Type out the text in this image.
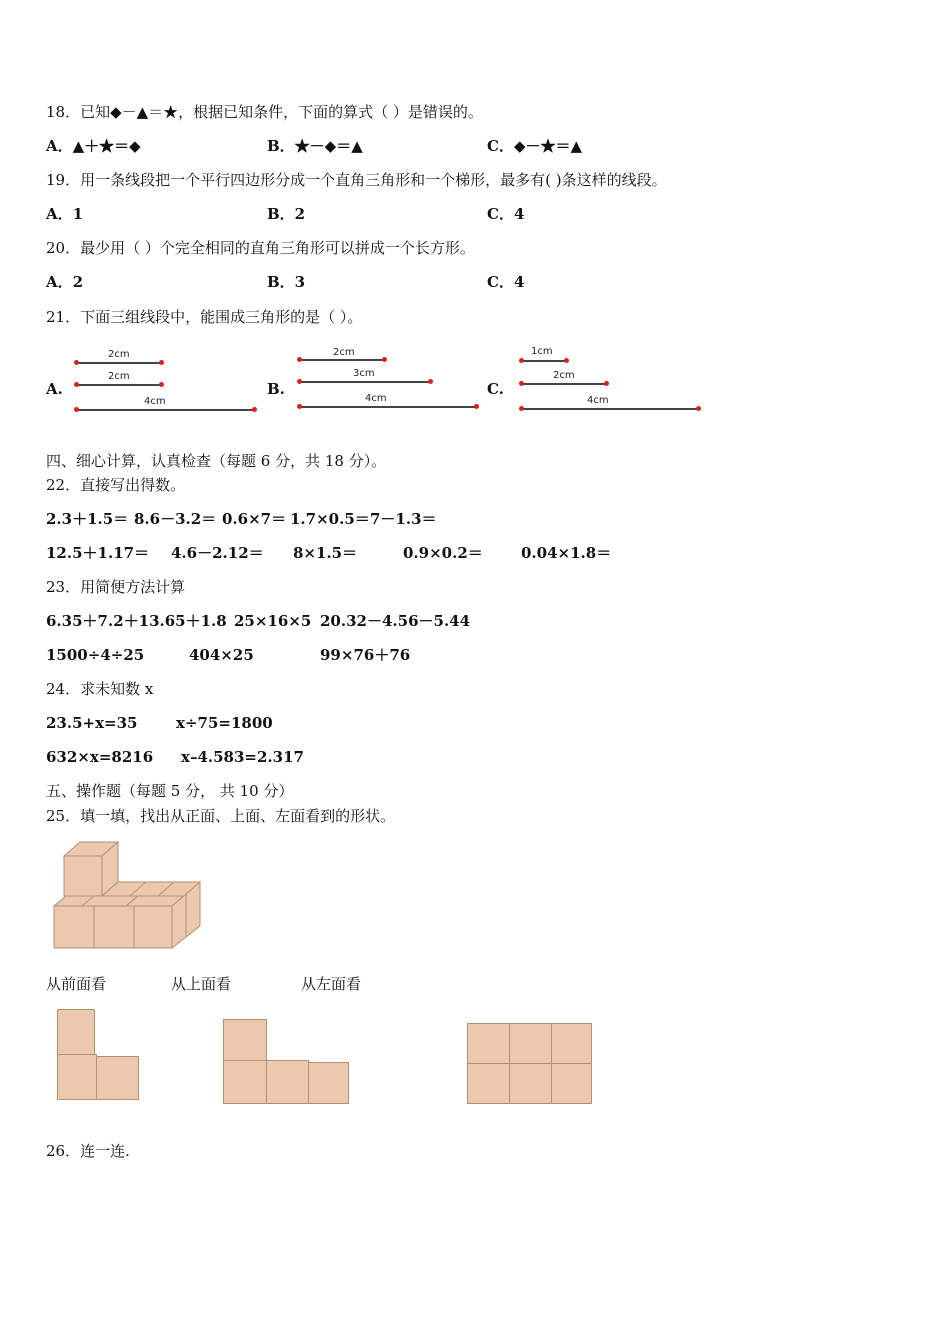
18．已知◆－▲＝★，根据已知条件，下面的算式（ ）是错误的。
A．▲＋★＝◆	B．★－◆＝▲	C．◆－★＝▲
19．用一条线段把一个平行四边形分成一个直角三角形和一个梯形，最多有( )条这样的线段。
A．1	B．2	C．4
20．最少用（ ）个完全相同的直角三角形可以拼成一个长方形。
A．2	B．3	C．4
21．下面三组线段中，能围成三角形的是（ ）。
A.
2cm
2cm
4cm
B.
2cm
3cm
4cm
C.
1cm
2cm
4cm
四、细心计算，认真检查（每题 6 分，共 18 分）。
22．直接写出得数。
2.3＋1.5＝ 8.6－3.2＝ 0.6×7＝ 1.7×0.5＝ 7－1.3＝
12.5＋1.17＝ 4.6－2.12＝ 8×1.5＝	0.9×0.2＝	0.04×1.8＝
23．用简便方法计算
6.35＋7.2＋13.65＋1.8 25×16×5 20.32－4.56－5.44
1500÷4÷25	404×25	99×76＋76
24．求未知数 x
23.5+x=35	x÷75=1800
632×x=8216 x–4.583=2.317
五、操作题（每题 5 分， 共 10 分）
25．填一填，找出从正面、上面、左面看到的形状。
从前面看	从上面看	从左面看
26．连一连.
